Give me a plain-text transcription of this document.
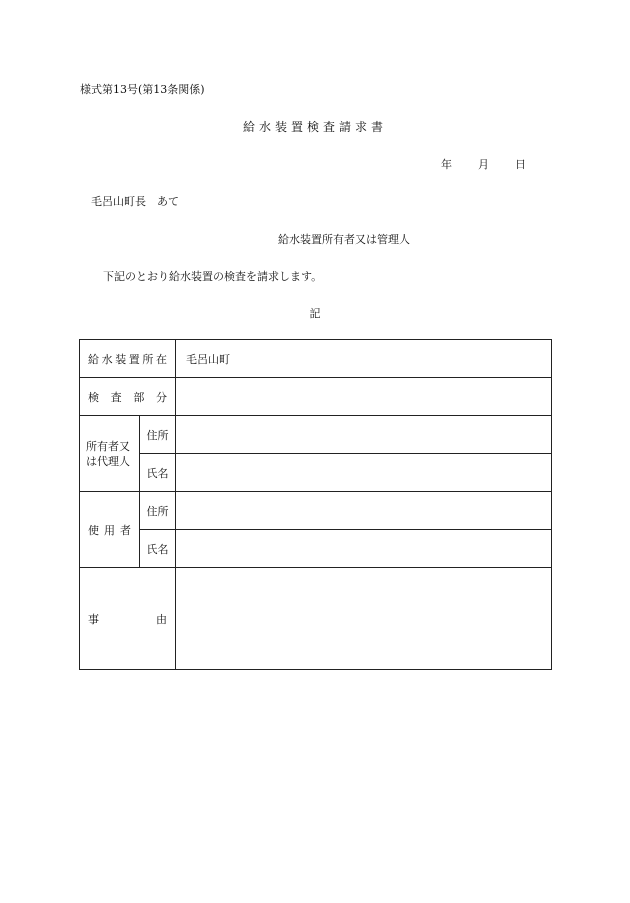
様式第13号(第13条関係)
給水装置検査請求書
年 月 日
毛呂山町長　あて
給水装置所有者又は管理人
下記のとおり給水装置の検査を請求します。
記
給水装置所在		毛呂山町
検査部分		

所有者又
は代理人	住所	
	氏名	
使用者	住所	
	氏名	
事由		
